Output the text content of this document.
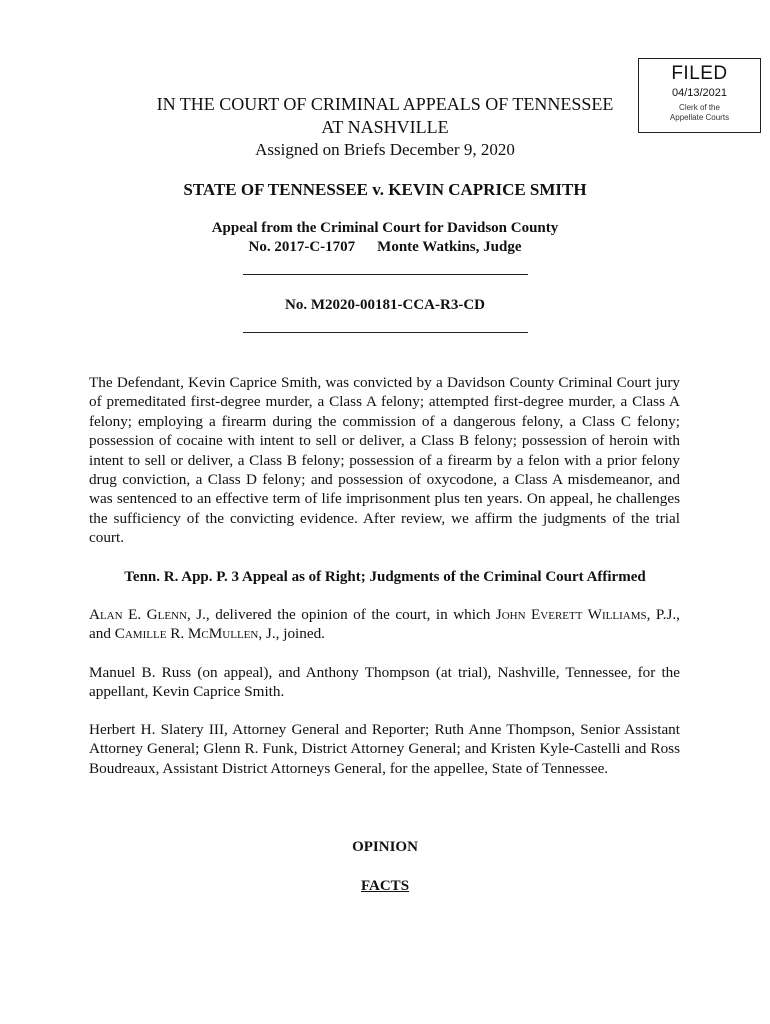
FILED
04/13/2021
Clerk of the
Appellate Courts
IN THE COURT OF CRIMINAL APPEALS OF TENNESSEE
AT NASHVILLE
Assigned on Briefs December 9, 2020
STATE OF TENNESSEE v. KEVIN CAPRICE SMITH
Appeal from the Criminal Court for Davidson County
No. 2017-C-1707 Monte Watkins, Judge
No. M2020-00181-CCA-R3-CD
The Defendant, Kevin Caprice Smith, was convicted by a Davidson County Criminal Court jury of premeditated first-degree murder, a Class A felony; attempted first-degree murder, a Class A felony; employing a firearm during the commission of a dangerous felony, a Class C felony; possession of cocaine with intent to sell or deliver, a Class B felony; possession of heroin with intent to sell or deliver, a Class B felony; possession of a firearm by a felon with a prior felony drug conviction, a Class D felony; and possession of oxycodone, a Class A misdemeanor, and was sentenced to an effective term of life imprisonment plus ten years. On appeal, he challenges the sufficiency of the convicting evidence. After review, we affirm the judgments of the trial court.
Tenn. R. App. P. 3 Appeal as of Right; Judgments of the Criminal Court Affirmed
Alan E. Glenn, J., delivered the opinion of the court, in which John Everett Williams, P.J., and Camille R. McMullen, J., joined.
Manuel B. Russ (on appeal), and Anthony Thompson (at trial), Nashville, Tennessee, for the appellant, Kevin Caprice Smith.
Herbert H. Slatery III, Attorney General and Reporter; Ruth Anne Thompson, Senior Assistant Attorney General; Glenn R. Funk, District Attorney General; and Kristen Kyle-Castelli and Ross Boudreaux, Assistant District Attorneys General, for the appellee, State of Tennessee.
OPINION
FACTS
